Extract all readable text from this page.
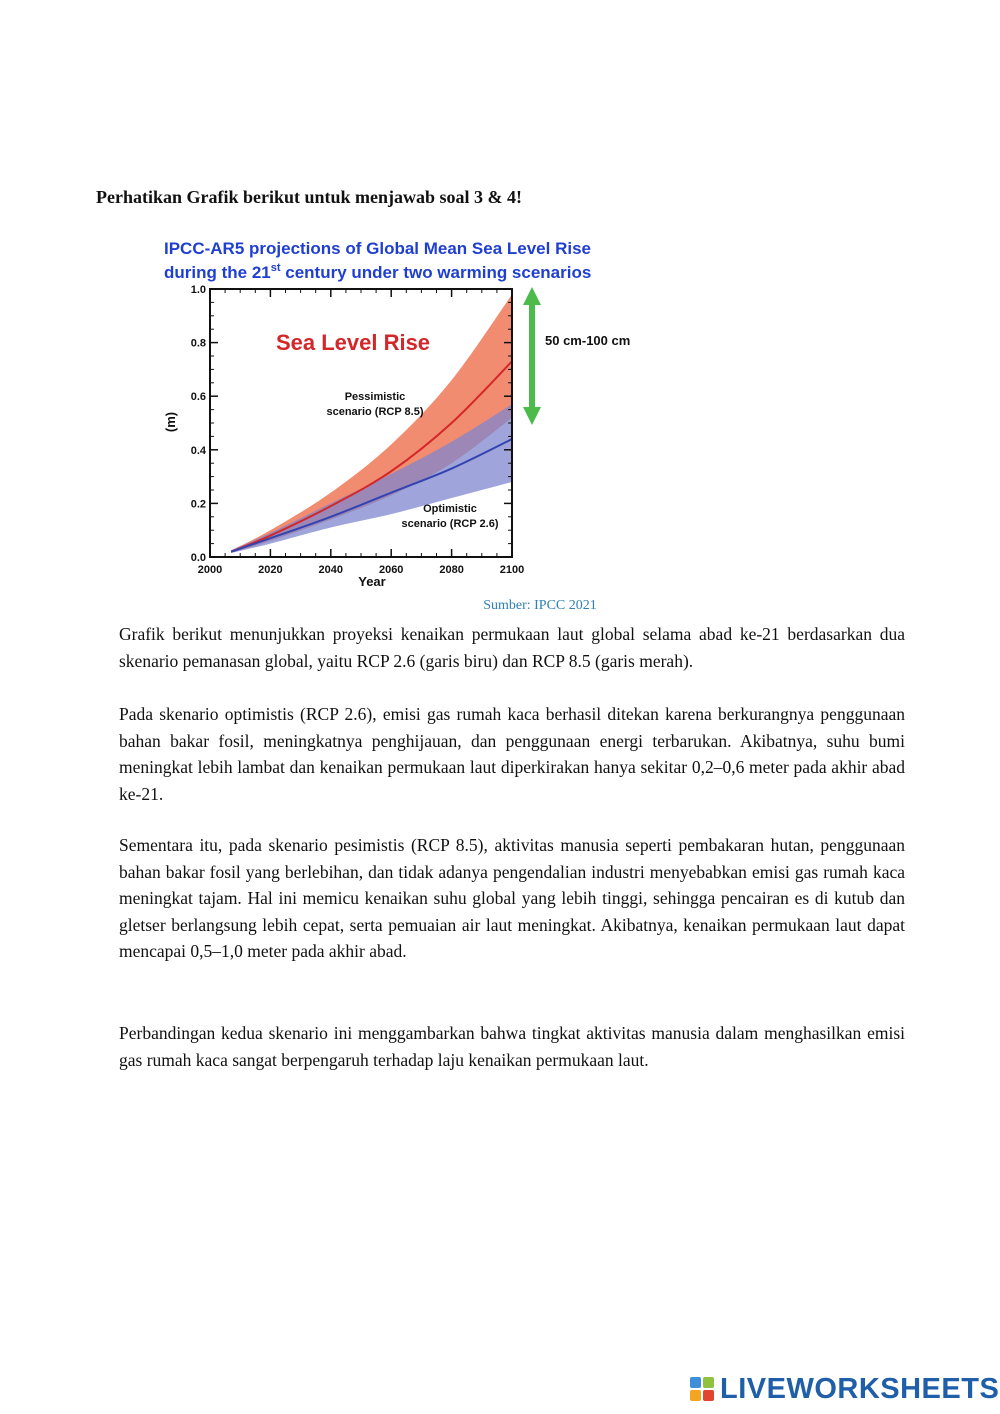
Perhatikan Grafik berikut untuk menjawab soal 3 & 4!

IPCC-AR5 projections of Global Mean Sea Level Rise
during the 21st century under two warming scenarios
0.0
0.2
0.4
0.6
0.8
1.0
2000	2020	2040	2060	2080	2100
(m)
Year
Sea Level Rise
Pessimistic
scenario (RCP 8.5)
Optimistic
scenario (RCP 2.6)
50 cm-100 cm

Sumber: IPCC 2021

Grafik berikut menunjukkan proyeksi kenaikan permukaan laut global selama abad ke-21 berdasarkan dua skenario pemanasan global, yaitu RCP 2.6 (garis biru) dan RCP 8.5 (garis merah).

Pada skenario optimistis (RCP 2.6), emisi gas rumah kaca berhasil ditekan karena berkurangnya penggunaan bahan bakar fosil, meningkatnya penghijauan, dan penggunaan energi terbarukan. Akibatnya, suhu bumi meningkat lebih lambat dan kenaikan permukaan laut diperkirakan hanya sekitar 0,2–0,6 meter pada akhir abad ke-21.

Sementara itu, pada skenario pesimistis (RCP 8.5), aktivitas manusia seperti pembakaran hutan, penggunaan bahan bakar fosil yang berlebihan, dan tidak adanya pengendalian industri menyebabkan emisi gas rumah kaca meningkat tajam. Hal ini memicu kenaikan suhu global yang lebih tinggi, sehingga pencairan es di kutub dan gletser berlangsung lebih cepat, serta pemuaian air laut meningkat. Akibatnya, kenaikan permukaan laut dapat mencapai 0,5–1,0 meter pada akhir abad.

Perbandingan kedua skenario ini menggambarkan bahwa tingkat aktivitas manusia dalam menghasilkan emisi gas rumah kaca sangat berpengaruh terhadap laju kenaikan permukaan laut.

LIVEWORKSHEETS
